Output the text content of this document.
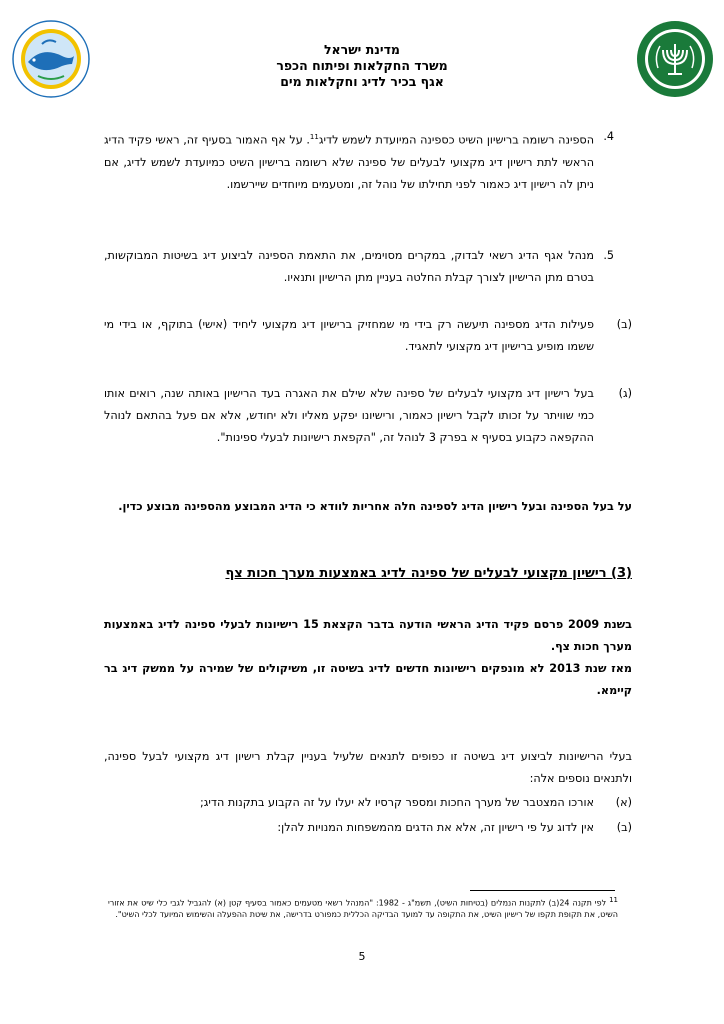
מדינת ישראל
משרד החקלאות ופיתוח הכפר
אגף בכיר לדיג וחקלאות מים
4.
הספינה רשומה ברישיון השיט כספינה המיועדת לשמש לדיג$^{11}$. על אף האמור בסעיף זה, ראשי פקיד הדיג הראשי לתת רישיון דיג מקצועי לבעלים של ספינה שלא רשומה ברישיון השיט כמיועדת לשמש לדיג, אם ניתן לה רישיון דיג כאמור לפני תחילתו של נוהל זה, ומטעמים מיוחדים שיירשמו.
5.
מנהל אגף הדיג רשאי לבדוק, במקרים מסוימים, את התאמת הספינה לביצוע דיג בשיטות המבוקשות, בטרם מתן הרישיון לצורך קבלת החלטה בעניין מתן הרישיון ותנאיו.
(ב)
פעילות הדיג מספינה תיעשה רק בידי מי שמחזיק ברישיון דיג מקצועי ליחיד (אישי) בתוקף, או בידי מי ששמו מופיע ברישיון דיג מקצועי לתאגיד.
(ג)
בעל רישיון דיג מקצועי לבעלים של ספינה שלא שילם את האגרה בעד הרישיון באותה שנה, רואים אותו כמי שוויתר על זכותו לקבל רישיון כאמור, ורישיונו יפקע מאליו ולא יחודש, אלא אם פעל בהתאם לנוהל ההקפאה כקבוע בסעיף א בפרק 3 לנוהל זה, "הקפאת רישיונות לבעלי ספינות".
על בעל הספינה ובעל רישיון הדיג לספינה חלה אחריות לוודא כי הדיג המבוצע מהספינה מבוצע כדין.
(3) רישיון מקצועי לבעלים של ספינה לדיג באמצעות מערך חכות צף
בשנת 2009 פרסם פקיד הדיג הראשי הודעה בדבר הקצאת 15 רישיונות לבעלי ספינה לדיג באמצעות מערך חכות צף.
מאז שנת 2013 לא מונפקים רישיונות חדשים לדיג בשיטה זו, משיקולים של שמירה על ממשק דיג בר קיימא.
בעלי הרישיונות לביצוע דיג בשיטה זו כפופים לתנאים שלעיל בעניין קבלת רישיון דיג מקצועי לבעל ספינה, ולתנאים נוספים אלה:
(א)
אורכו המצטבר של מערך החכות ומספר קרסיו לא יעלו על זה הקבוע בתקנות הדיג;
(ב)
אין לדוג על פי רישיון זה, אלא את הדגים מהמשפחות המנויות להלן:
11 לפי תקנה 24(ב) לתקנות הנמלים (בטיחות השיט), תשמ"ג - 1982: "המנהל רשאי מטעמים כאמור בסעיף קטן (א) להגביל לגבי כלי שיט את אזורי השיט, את תקופת תקפו של רישיון השיט, את התקופה עד למועד הבדיקה הכללית כמפורט בדרישה, את שיטת ההפעלה והשימוש המיועד לכלי השיט".
5
